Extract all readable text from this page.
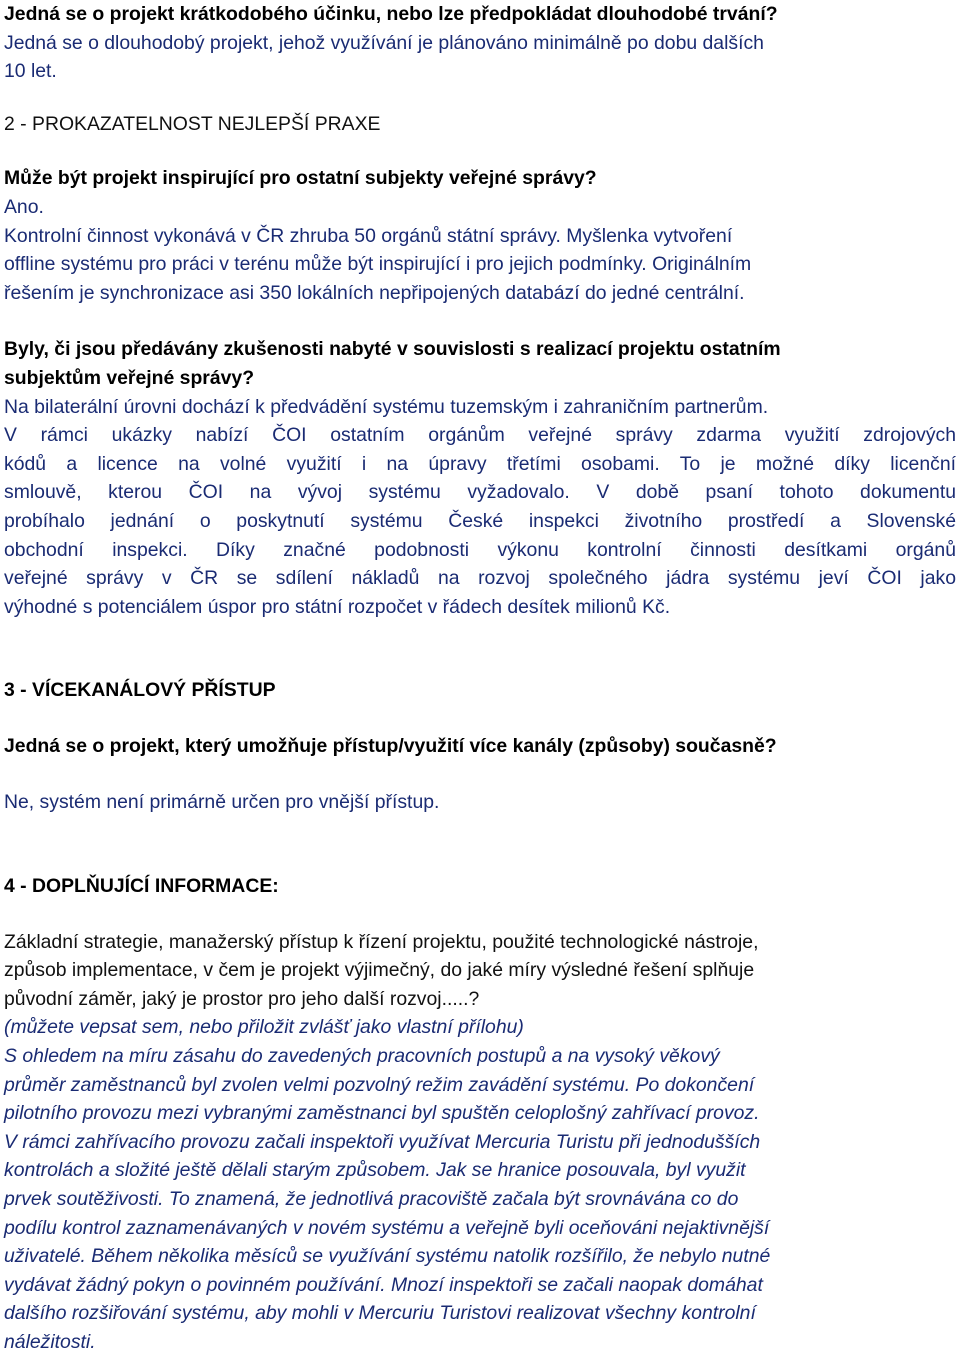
Jedná se o projekt krátkodobého účinku, nebo lze předpokládat dlouhodobé trvání?

Jedná se o dlouhodobý projekt, jehož využívání je plánováno minimálně po dobu dalších

10 let.

2 - PROKAZATELNOST NEJLEPŠÍ PRAXE

Může být projekt inspirující pro ostatní subjekty veřejné správy?

Ano.

Kontrolní činnost vykonává v ČR zhruba 50 orgánů státní správy. Myšlenka vytvoření

offline systému pro práci v terénu může být inspirující i pro jejich podmínky. Originálním

řešením je synchronizace asi 350 lokálních nepřipojených databází do jedné centrální.

Byly, či jsou předávány zkušenosti nabyté v souvislosti s realizací projektu ostatním

subjektům veřejné správy?

Na bilaterální úrovni dochází k předvádění systému tuzemským i zahraničním partnerům.

V rámci ukázky nabízí ČOI ostatním orgánům veřejné správy zdarma využití zdrojových

kódů a licence na volné využití i na úpravy třetími osobami. To je možné díky licenční

smlouvě, kterou ČOI na vývoj systému vyžadovalo. V době psaní tohoto dokumentu

probíhalo jednání o poskytnutí systému České inspekci životního prostředí a Slovenské

obchodní inspekci. Díky značné podobnosti výkonu kontrolní činnosti desítkami orgánů

veřejné správy v ČR se sdílení nákladů na rozvoj společného jádra systému jeví ČOI jako

výhodné s potenciálem úspor pro státní rozpočet v řádech desítek milionů Kč.

3 - VÍCEKANÁLOVÝ PŘÍSTUP

Jedná se o projekt, který umožňuje přístup/využití více kanály (způsoby) současně?

Ne, systém není primárně určen pro vnější přístup.

4 - DOPLŇUJÍCÍ INFORMACE:

Základní strategie, manažerský přístup k řízení projektu, použité technologické nástroje,

způsob implementace, v čem je projekt výjimečný, do jaké míry výsledné řešení splňuje

původní záměr, jaký je prostor pro jeho další rozvoj.....?

(můžete vepsat sem, nebo přiložit zvlášť jako vlastní přílohu)

S ohledem na míru zásahu do zavedených pracovních postupů a na vysoký věkový

průměr zaměstnanců byl zvolen velmi pozvolný režim zavádění systému. Po dokončení

pilotního provozu mezi vybranými zaměstnanci byl spuštěn celoplošný zahřívací provoz.

V rámci zahřívacího provozu začali inspektoři využívat Mercuria Turistu při jednodušších

kontrolách a složité ještě dělali starým způsobem. Jak se hranice posouvala, byl využit

prvek soutěživosti. To znamená, že jednotlivá pracoviště začala být srovnávána co do

podílu kontrol zaznamenávaných v novém systému a veřejně byli oceňováni nejaktivnější

uživatelé. Během několika měsíců se využívání systému natolik rozšířilo, že nebylo nutné

vydávat žádný pokyn o povinném používání. Mnozí inspektoři se začali naopak domáhat

dalšího rozšiřování systému, aby mohli v Mercuriu Turistovi realizovat všechny kontrolní

náležitosti.
